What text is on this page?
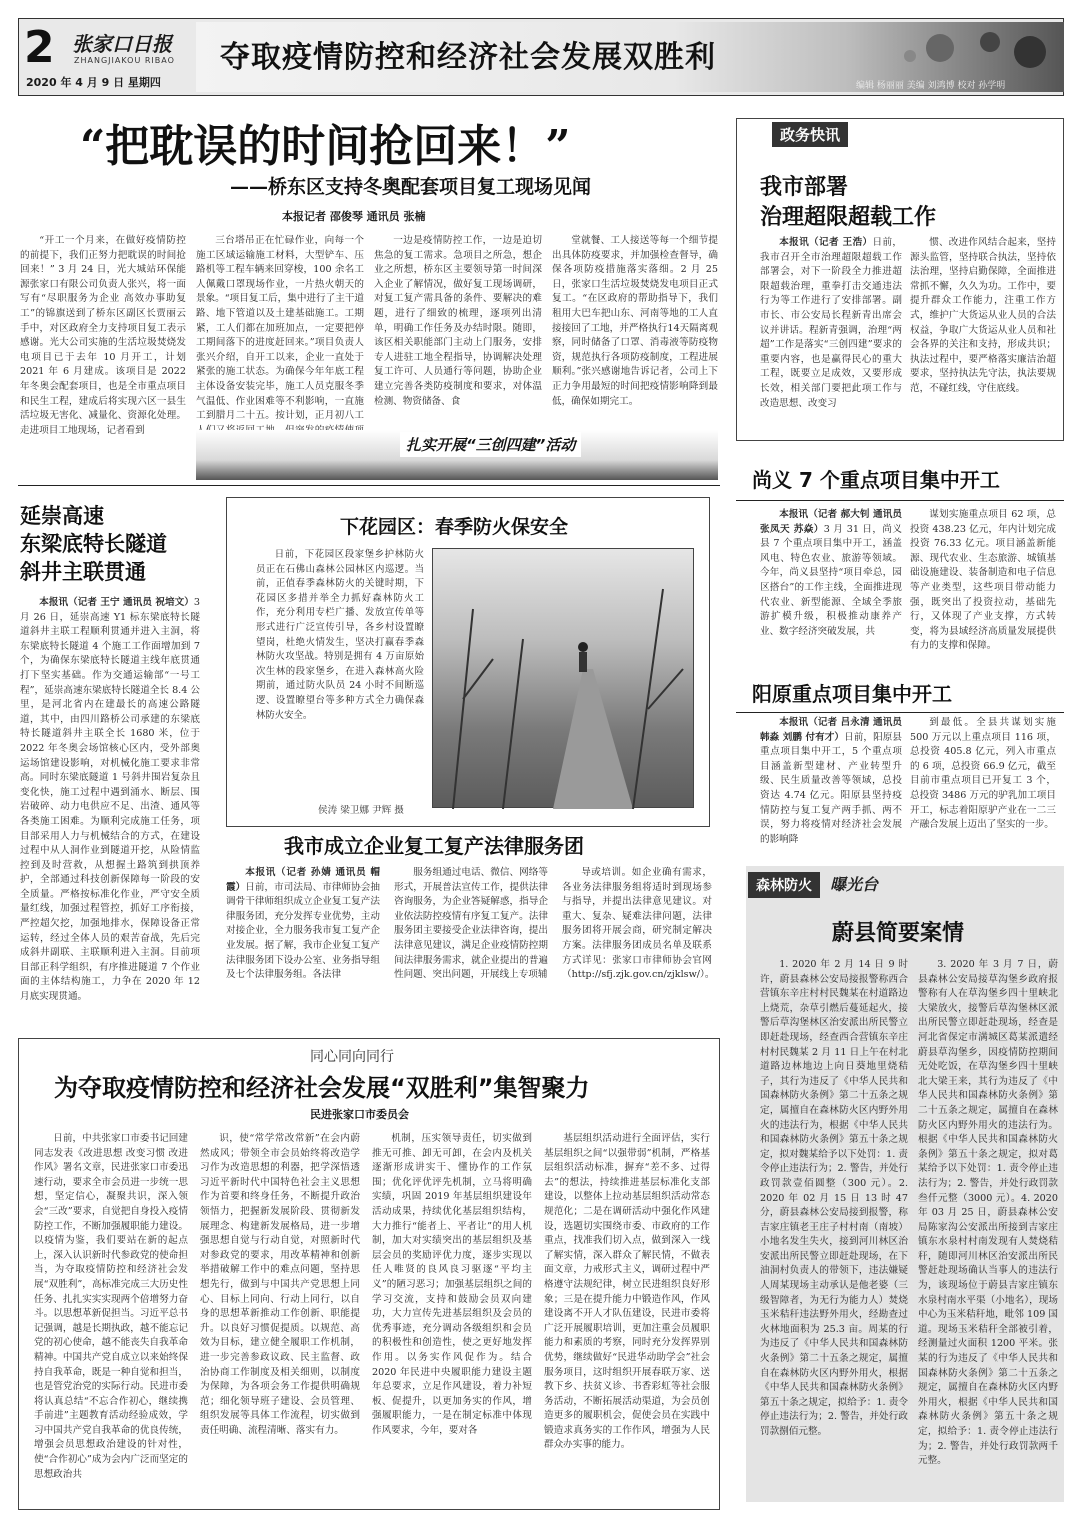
2 张家口日报
ZHANGJIAKOU RIBAO
2020 年 4 月 9 日 星期四
夺取疫情防控和经济社会发展双胜利
编辑 杨丽丽 美编 刘鸿博 校对 孙学明
“把耽误的时间抢回来！”
——桥东区支持冬奥配套项目复工现场见闻
本报记者 邵俊琴 通讯员 张楠

“开工一个月来，在做好疫情防控的前提下，我们正努力把耽误的时间抢回来！” 3 月 24 日，光大城站环保能源张家口有限公司负责人张兴，将一面写有“尽职服务为企业 高效办事助复工”的锦旗送到了桥东区副区长贾丽云手中，对区政府全力支持项目复工表示感谢。光大公司实施的生活垃圾焚烧发电项目已于去年 10 月开工，计划 2021 年 6 月建成。该项目是 2022 年冬奥会配套项目，也是全市重点项目和民生工程，建成后将实现六区一县生活垃圾无害化、减量化、资源化处理。走进项目工地现场，记者看到

三台塔吊正在忙碌作业，向每一个施工区域运输施工材料，大型铲车、压路机等工程车辆来回穿梭，100 余名工人佩戴口罩现场作业，一片热火朝天的景象。“项目复工后，集中进行了主干道路、地下管道以及土建基础施工。工期紧，工人们都在加班加点，一定要把停工期间落下的进度赶回来。”项目负责人张兴介绍，自开工以来，企业一直处于紧张的施工状态。为确保今年年底工程主体设备安装完毕，施工人员克服冬季气温低、作业困难等不利影响，一直施工到腊月二十五。按计划，正月初八工

一边是疫情防控工作，一边是迫切焦急的复工需求。急项目之所急，想企业之所想，桥东区主要领导第一时间深入企业了解情况，做好复工现场调研，对复工复产需具备的条件、要解决的难题，进行了细致的梳理，逐项列出清单，明确工作任务及办结时限。随即，该区相关职能部门主动上门服务，安排专人进驻工地全程指导，协调解决处理复工许可、人员通行等问题，协助企业建立完善各类防疫制度和要求，对体温检测、物资储备、食

堂就餐、工人接送等每一个细节提出具体防疫要求，并加强检查督导，确保各项防疫措施落实落细。2 月 25 日，张家口生活垃圾焚烧发电项目正式复工。“在区政府的帮助指导下，我们租用大巴车把山东、河南等地的工人直接接回了工地，并严格执行14天隔离观察，同时储备了口罩、消毒液等防疫物资，规范执行各项防疫制度，工程进展顺利。”张兴感谢地告诉记者，公司上下正力争用最短的时间把疫情影响降到最低，确保如期完工。

扎实开展“三创四建”活动
政务快讯
我市部署
治理超限超载工作

本报讯（记者 王浩）日前，我市召开全市治理超限超载工作部署会，对下一阶段全力推进超限超载治理，重拳打击交通违法行为等工作进行了安排部署。副市长、市公安局长程新青出席会议并讲话。程新青强调，治理“两超”工作是落实“三创四建”要求的重要内容，也是赢得民心的重大工程，既要立足成效，又要形成长效，相关部门要把此项工作与改造思想、改变习

惯、改进作风结合起来，坚持源头监管，坚持联合执法，坚持依法治理，坚持启勤保障，全面推进常抓不懈，久久为功。工作中，要提升群众工作能力，注重工作方式，维护广大货运从业人员的合法权益，争取广大货运从业人员和社会各界的关注和支持，形成共识；执法过程中，要严格落实廉洁治超要求，坚持执法先守法，执法要规范，不碰红线，守住底线。

尚义 7 个重点项目集中开工

本报讯（记者 郝大钊 通讯员 张凤天 苏焱）3 月 31 日，尚义县 7 个重点项目集中开工，涵盖风电、特色农业、旅游等领域。今年，尚义县坚持“项目牵总，园区搭台”的工作主线，全面推进现代农业、新型能源、全域全季旅游扩模升级，积极推动康养产业、数字经济突破发展，共

谋划实施重点项目 62 项，总投资 438.23 亿元，年内计划完成投资 76.33 亿元。项目涵盖新能源、现代农业、生态旅游、城镇基础设施建设、装备制造和电子信息等产业类型，这些项目带动能力强，既突出了投资拉动，基础先行，又体现了产业支撑，方式转变，将为县域经济高质量发展提供有力的支撑和保障。

阳原重点项目集中开工

本报讯（记者 吕永清 通讯员 韩淼 刘鹏 付有才）日前，阳原县重点项目集中开工，5 个重点项目涵盖新型建材、产业转型升级、民生质量改善等领域，总投资达 4.74 亿元。阳原县坚持疫情防控与复工复产两手抓、两不误，努力将疫情对经济社会发展的影响降

到最低。全县共谋划实施 500 万元以上重点项目 116 项，总投资 405.8 亿元，列入市重点的 6 项，总投资 66.9 亿元，截至目前市重点项目已开复工 3 个，总投资 3486 万元的驴乳加工项目开工，标志着阳原驴产业在一二三产融合发展上迈出了坚实的一步。

延崇高速
东梁底特长隧道
斜井主联贯通

本报讯（记者 王宁 通讯员 祝培文）3 月 26 日，延崇高速 Y1 标东梁底特长隧道斜井主联工程顺利贯通并进入主洞，将东梁底特长隧道 4 个施工工作面增加到 7 个，为确保东梁底特长隧道主线年底贯通打下坚实基础。作为交通运输部“一号工程”，延崇高速东梁底特长隧道全长 8.4 公里，是河北省内在建最长的高速公路隧道，其中，由四川路桥公司承建的东梁底特长隧道斜井主联全长 1680 米，位于 2022 年冬奥会场馆核心区内，受外部奥运场馆建设影响，对机械化施工要求非常高。同时东梁底隧道 1 号斜井围岩复杂且变化快，施工过程中遇到涌水、断层、围岩破碎、动力电供应不足、出渣、通风等各类施工困难。为顺利完成施工任务，项目部采用人力与机械结合的方式，在建设过程中从人洞作业到隧道开挖，从险情监控到及时营救，从想握土路筑到拱顶养护，全部通过科技创新保障每一阶段的安全质量。严格按标准化作业，严守安全质量红线，加强过程管控，抓好工序衔接，严控超欠挖，加强地排水，保障设备正常运转，经过全体人员的艰苦奋战，先后完成斜井副联、主联顺利进入主洞。目前项目部正科学组织，有序推进隧道 7 个作业面的主体结构施工，力争在 2020 年 12 月底实现贯通。

下花园区：春季防火保安全

日前，下花园区段家堡乡护林防火员正在石佛山森林公园林区内巡逻。当前，正值春季森林防火的关键时期，下花园区多措并举全力抓好森林防火工作，充分利用专栏广播、发放宣传单等形式进行广泛宣传引导，各乡村设置瞭望岗，杜绝火情发生，坚决打赢春季森林防火攻坚战。特别是拥有 4 万亩原始次生林的段家堡乡，在进入森林高火险期前，通过防火队员 24 小时不间断巡逻、设置瞭望台等多种方式全力确保森林防火安全。

侯涛 梁卫娜 尹辉 摄
我市成立企业复工复产法律服务团

本报讯（记者 孙婧 通讯员 帽霞）日前，市司法局、市律师协会抽调骨干律师组织成立企业复工复产法律服务团，充分发挥专业优势，主动对接企业，全力服务我市复工复产企业发展。据了解，我市企业复工复产法律服务团下设办公室、业务指导组及七个法律服务组。各法律

服务组通过电话、微信、网络等形式，开展普法宣传工作，提供法律咨询服务，为企业答疑解惑，指导企业依法防控疫情有序复工复产。法律服务团主要接受企业法律咨询，提出法律意见建议，满足企业疫情防控期间法律服务需求，就企业提出的普遍性问题、突出问题，开展线上专项辅

导或培训。如企业确有需求，各业务法律服务组将适时到现场参与指导，并提出法律意见建议。对重大、复杂、疑难法律问题，法律服务团将开展会商，研究制定解决方案。法律服务团成员名单及联系方式详见：张家口市律师协会官网（http://sfj.zjk.gov.cn/zjklsw/）。

同心同向同行
为夺取疫情防控和经济社会发展“双胜利”集智聚力
民进张家口市委员会

日前，中共张家口市委书记回建同志发表《改进思想 改变习惯 改进作风》署名文章，民进张家口市委迅速行动，要求全市会员进一步统一思想，坚定信心，凝聚共识，深入领会“三改”要求，自觉把自身投入疫情防控工作，不断加强履职能力建设。以疫情为鉴，我们要站在新的起点上，深入认识新时代参政党的使命担当，为夺取疫情防控和经济社会发展“双胜利”，高标准完成三大历史性任务、扎扎实实实现两个倍增努力奋斗。以思想革新促担当。习近平总书记强调，越是长期执政，越不能忘记党的初心使命，越不能丧失自我革命精神。中国共产党自成立以来始终保持自我革命，既是一种自觉和担当，也是管党治党的实际行动。民进市委将认真总结“不忘合作初心，继续携手前进”主题教育活动经验成效，学习中国共产党自我革命的优良传统，增强会员思想政治建设的针对性，使“合作初心”成为会内广泛而坚定的思想政治共

识，使“常学常改常新”在会内蔚然成风；带领全市会员始终将改造学习作为改造思想的利器，把学深悟透习近平新时代中国特色社会主义思想作为首要和终身任务，不断提升政治领悟力，把握新发展阶段、贯彻新发展理念、构建新发展格局，进一步增强思想自觉与行动自觉，对照新时代对参政党的要求，用改革精神和创新举措破解工作中的难点问题，坚持思想先行，做到与中国共产党思想上同心、目标上同向、行动上同行，以自身的思想革新推动工作创新、职能提升。以良好习惯促提质。以规范、高效为目标，建立健全履职工作机制，进一步完善参政议政、民主监督、政治协商工作制度及相关细则，以制度为保障，为各项会务工作提供明确规范；细化领导班子建设、会员管理、组织发展等具体工作流程，切实做到责任明确、流程清晰、落实有力。

机制，压实领导责任，切实做到推无可推、卸无可卸，在会内及机关逐渐形成讲实干、懂协作的工作氛围；优化评优评先机制，立马将明确实绩，巩固 2019 年基层组织建设年活动成果，持续优化基层组织结构，大力推行“能者上、平者让”的用人机制，加大对实绩突出的基层组织及基层会员的奖励评优力度，逐步实现以任人唯贤的良风良习驱逐“平均主义”的陋习恶习；加强基层组织之间的学习交流，支持和鼓励会员双向建功，大力宣传先进基层组织及会员的优秀事迹，充分调动各级组织和会员的积极性和创造性，使之更好地发挥作用。以务实作风促作为。结合 2020 年民进中央履职能力建设主题年总要求，立足作风建设，着力补短板、促提升，以更加务实的作风，增强履职能力，一是在制定标准中体现作风要求，今年，要对各

基层组织活动进行全面评估，实行基层组织之间“以强带弱”机制，严格基层组织活动标准，摒弃“差不多、过得去”的想法，持续推进基层标准化支部建设，以整体上拉动基层组织活动常态规范化；二是在调研活动中强化作风建设，选题切实围绕市委、市政府的工作重点，找准我们切入点，做到深入一线了解实情，深入群众了解民情，不做表面文章，力戒形式主义，调研过程中严格遵守法规纪律，树立民进组织良好形象；三是在提升能力中锻造作风，作风建设离不开人才队伍建设，民进市委将广泛开展履职培训，更加注重会员履职能力和素质的考察，同时充分发挥界别优势，继续做好“民进华动助学会”社会服务项目，这时组织开展春联万家、送教下乡、扶贫义诊、书香彩虹等社会服务活动，不断拓展活动渠道，为会员创造更多的履职机会，促使会员在实践中锻造求真务实的工作作风，增强为人民群众办实事的能力。

森林防火	曝光台
蔚县简要案情

1. 2020 年 2 月 14 日 9 时许，蔚县森林公安局接报警称西合营镇东辛庄村村民魏某在村道路边上烧荒，杂草引燃后蔓延起火，接警后草沟堡林区治安派出所民警立即赶赴现场，经查西合营镇东辛庄村村民魏某 2 月 11 日上午在村北道路边林地边上向日葵地里烧秸子，其行为违反了《中华人民共和国森林防火条例》第二十五条之规定，属擅自在森林防火区内野外用火的违法行为，根据《中华人民共和国森林防火条例》第五十条之规定，拟对魏某给予以下处罚：1. 责令停止违法行为；2. 警告，并处行政罚款壹佰圆整（300 元）。2. 2020 年 02 月 15 日 13 时 47 分，蔚县森林公安局接到报警，称吉家庄镇老王庄子村村南（南坡）小地名发生失火，接到河川林区治安派出所民警立即赶赴现场，在下油洞村负责人的带领下，违法嫌疑人周某现场主动承认是他老婆（三级智障者，为无行为能力人）焚烧玉米秸秆违法野外用火，经勘查过火林地面积为 25.3 亩。周某的行为违反了《中华人民共和国森林防火条例》第二十五条之规定，属擅自在森林防火区内野外用火，根据《中华人民共和国森林防火条例》第五十条之规定，拟给予：1. 责令停止违法行为；2. 警告，并处行政罚款捌佰元整。

3. 2020 年 3 月 7 日，蔚县森林公安局接草沟堡乡政府报警称有人在草沟堡乡四十里峡北大梁放火，接警后草沟堡林区派出所民警立即赶赴现场，经查是河北省保定市满城区葛某派遣经蔚县草沟堡乡，因疫情防控期间无处吃饭，在草沟堡乡四十里峡北大梁王来，其行为违反了《中华人民共和国森林防火条例》第二十五条之规定，属擅自在森林防火区内野外用火的违法行为。根据《中华人民共和国森林防火条例》第五十条之规定，拟对葛某给予以下处罚：1. 责令停止违法行为；2. 警告，并处行政罚款叁仟元整（3000 元）。4. 2020 年 03 月 25 日，蔚县森林公安局陈家沟公安派出所接到吉家庄镇东水泉村村南发现有人焚烧秸秆，随即河川林区治安派出所民警赶赴现场确认当事人的违法行为，该现场位于蔚县吉家庄镇东水泉村南水平渠（小地名），现场中心为玉米秸秆地，毗邻 109 国道。现场玉米秸秆全部被引着，经测量过火面积 1200 平米。张某的行为违反了《中华人民共和国森林防火条例》第二十五条之规定，属擅自在森林防火区内野外用火，根据《中华人民共和国森林防火条例》第五十条之规定，拟给予：1. 责令停止违法行为；2. 警告，并处行政罚款两千元整。
